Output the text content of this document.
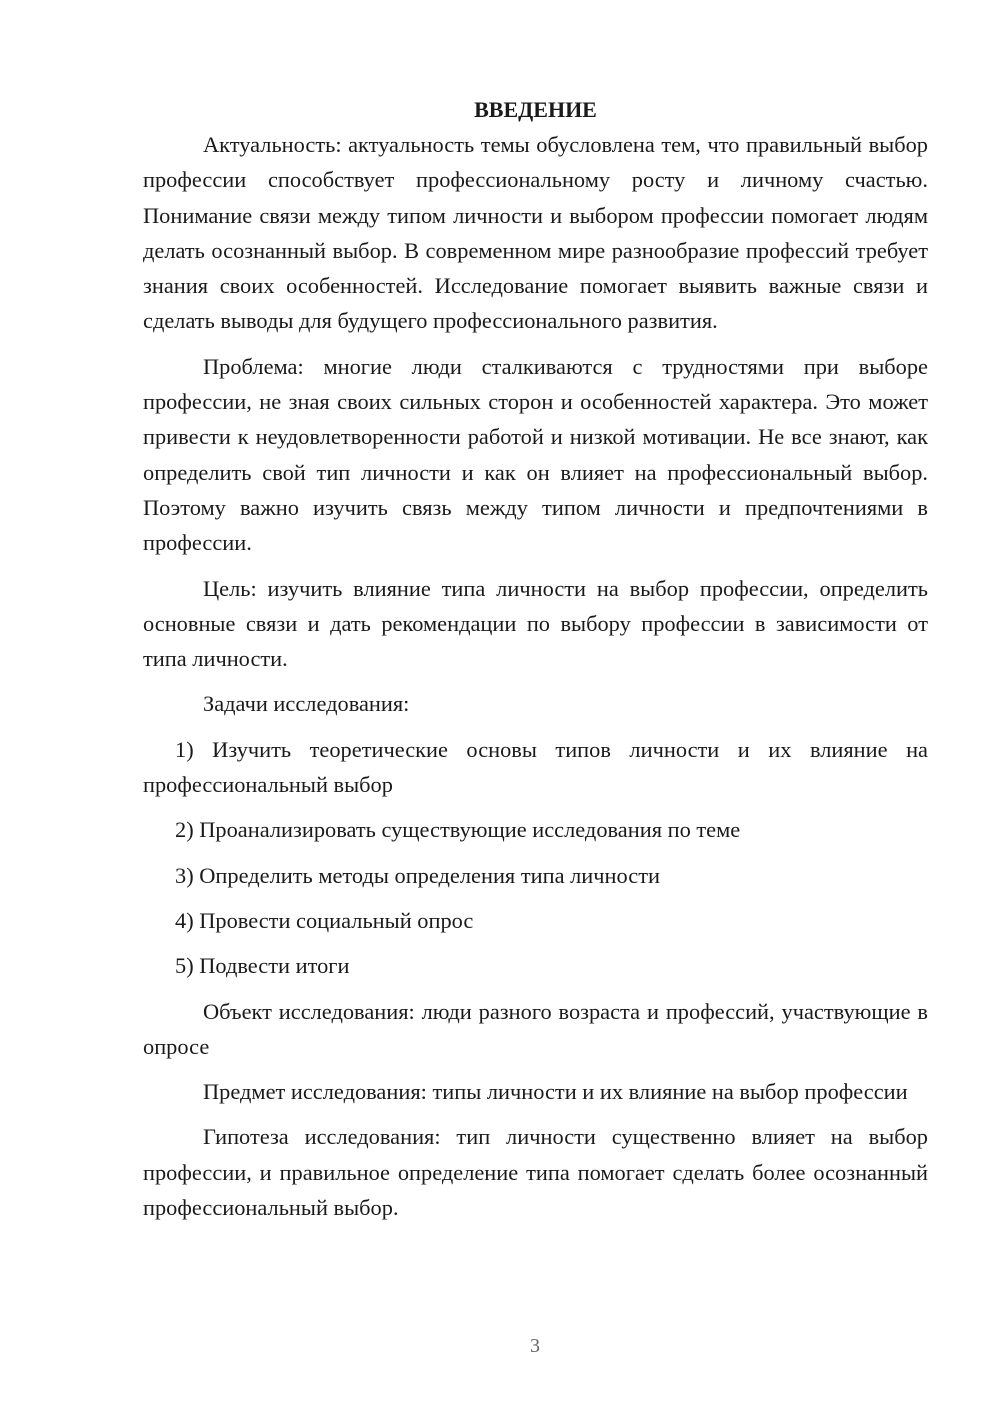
ВВЕДЕНИЕ

Актуальность: актуальность темы обусловлена тем, что правильный выбор профессии способствует профессиональному росту и личному счастью. Понимание связи между типом личности и выбором профессии помогает людям делать осознанный выбор. В современном мире разнообразие профессий требует знания своих особенностей. Исследование помогает выявить важные связи и сделать выводы для будущего профессионального развития.

Проблема: многие люди сталкиваются с трудностями при выборе профессии, не зная своих сильных сторон и особенностей характера. Это может привести к неудовлетворенности работой и низкой мотивации. Не все знают, как определить свой тип личности и как он влияет на профессиональный выбор. Поэтому важно изучить связь между типом личности и предпочтениями в профессии.

Цель: изучить влияние типа личности на выбор профессии, определить основные связи и дать рекомендации по выбору профессии в зависимости от типа личности.

Задачи исследования:

1) Изучить теоретические основы типов личности и их влияние на профессиональный выбор

2) Проанализировать существующие исследования по теме

3) Определить методы определения типа личности

4) Провести социальный опрос

5) Подвести итоги

Объект исследования: люди разного возраста и профессий, участвующие в опросе

Предмет исследования: типы личности и их влияние на выбор профессии

Гипотеза исследования: тип личности существенно влияет на выбор профессии, и правильное определение типа помогает сделать более осознанный профессиональный выбор.

3
